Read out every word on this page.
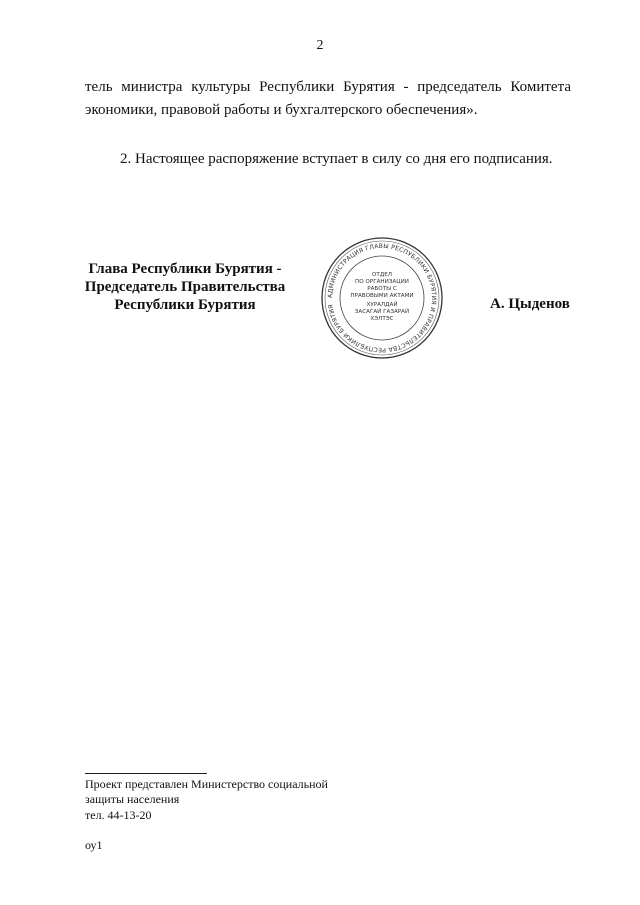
2
тель министра культуры Республики Бурятия - председатель Комитета
экономики, правовой работы и бухгалтерского обеспечения».
2. Настоящее распоряжение вступает в силу со дня его подписания.
Глава Республики Бурятия -
Председатель Правительства
Республики Бурятия
АДМИНИСТРАЦИЯ ГЛАВЫ РЕСПУБЛИКИ БУРЯТИЯ И ПРАВИТЕЛЬСТВА РЕСПУБЛИКИ БУРЯТИЯ
ОТДЕЛ
ПО ОРГАНИЗАЦИИ
РАБОТЫ С
ПРАВОВЫМИ АКТАМИ
ХУРАЛДАЙ
ЗАСАГАЙ ГАЗАРАЙ
ХЭЛТЭС
А. Цыденов
Проект представлен Министерство социальной
защиты населения
тел. 44-13-20
оу1
